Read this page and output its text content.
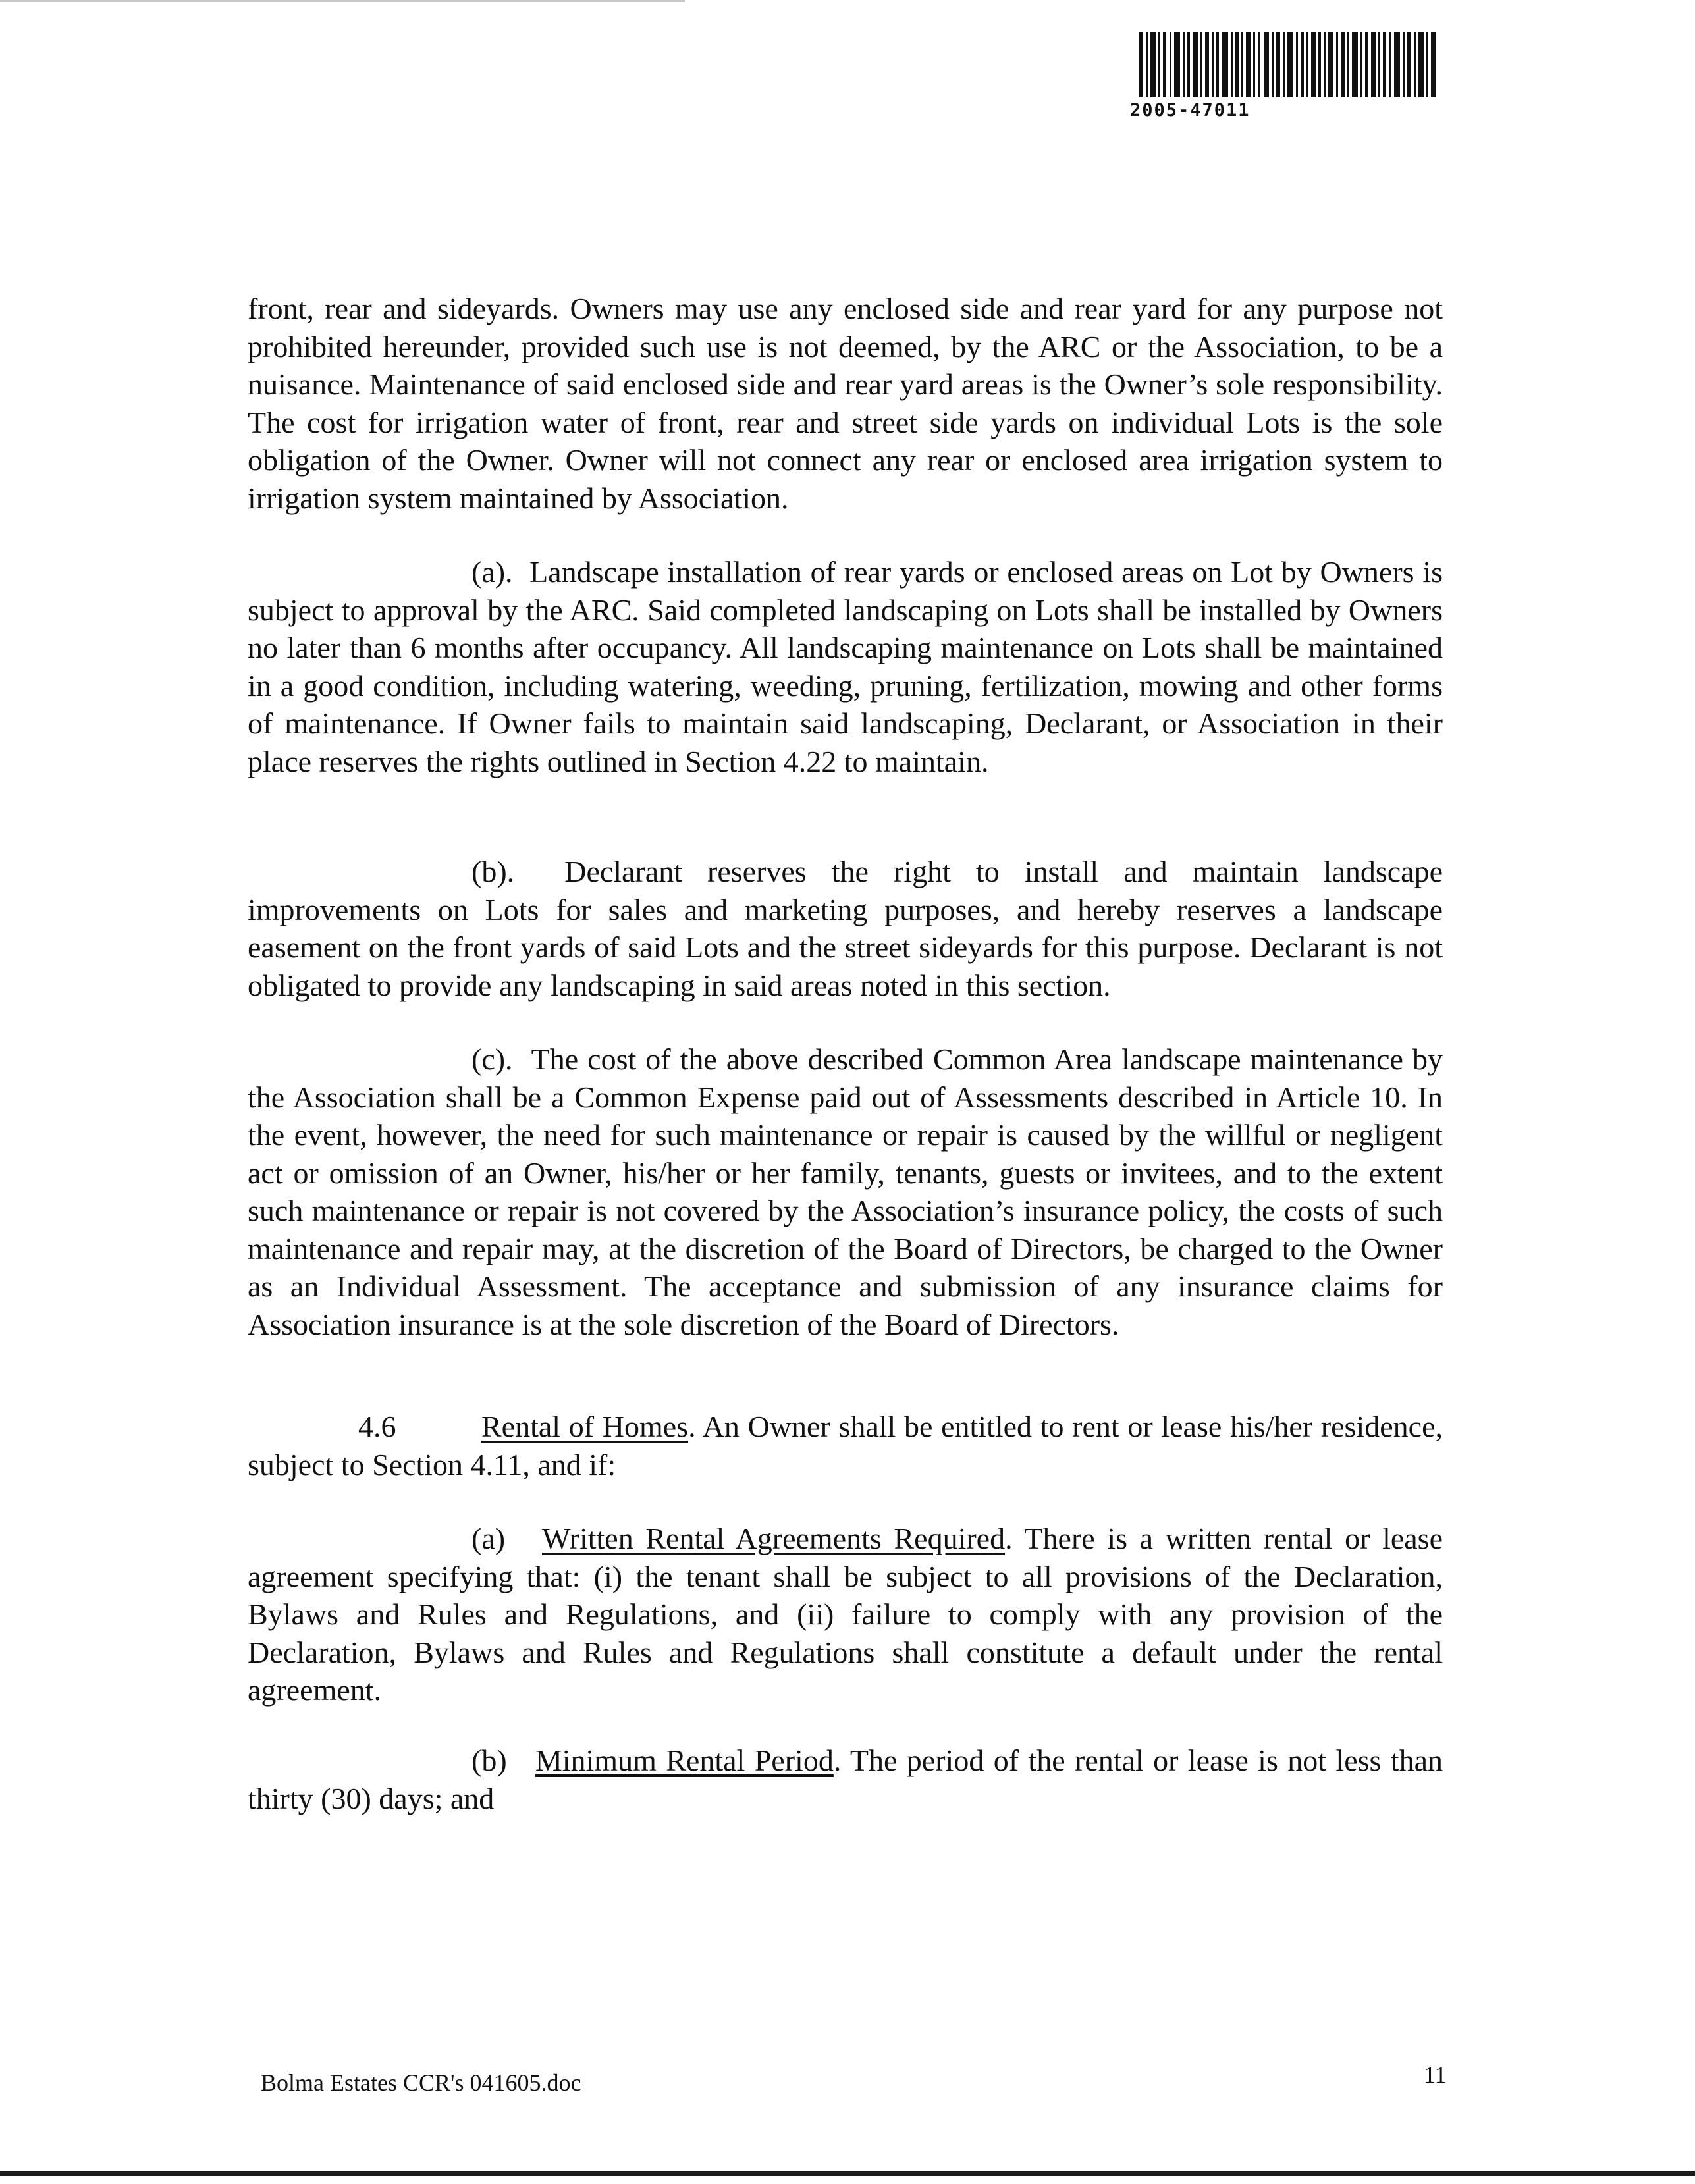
2005-47011

front, rear and sideyards. Owners may use any enclosed side and rear yard for any purpose not prohibited hereunder, provided such use is not deemed, by the ARC or the Association, to be a nuisance. Maintenance of said enclosed side and rear yard areas is the Owner’s sole responsibility. The cost for irrigation water of front, rear and street side yards on individual Lots is the sole obligation of the Owner. Owner will not connect any rear or enclosed area irrigation system to irrigation system maintained by Association.

(a). Landscape installation of rear yards or enclosed areas on Lot by Owners is subject to approval by the ARC. Said completed landscaping on Lots shall be installed by Owners no later than 6 months after occupancy. All landscaping maintenance on Lots shall be maintained in a good condition, including watering, weeding, pruning, fertilization, mowing and other forms of maintenance. If Owner fails to maintain said landscaping, Declarant, or Association in their place reserves the rights outlined in Section 4.22 to maintain.

(b). Declarant reserves the right to install and maintain landscape improvements on Lots for sales and marketing purposes, and hereby reserves a landscape easement on the front yards of said Lots and the street sideyards for this purpose. Declarant is not obligated to provide any landscaping in said areas noted in this section.

(c). The cost of the above described Common Area landscape maintenance by the Association shall be a Common Expense paid out of Assessments described in Article 10. In the event, however, the need for such maintenance or repair is caused by the willful or negligent act or omission of an Owner, his/her or her family, tenants, guests or invitees, and to the extent such maintenance or repair is not covered by the Association’s insurance policy, the costs of such maintenance and repair may, at the discretion of the Board of Directors, be charged to the Owner as an Individual Assessment. The acceptance and submission of any insurance claims for Association insurance is at the sole discretion of the Board of Directors.

4.6	Rental of Homes. An Owner shall be entitled to rent or lease his/her residence, subject to Section 4.11, and if:

(a) Written Rental Agreements Required. There is a written rental or lease agreement specifying that: (i) the tenant shall be subject to all provisions of the Declaration, Bylaws and Rules and Regulations, and (ii) failure to comply with any provision of the Declaration, Bylaws and Rules and Regulations shall constitute a default under the rental agreement.

(b) Minimum Rental Period. The period of the rental or lease is not less than thirty (30) days; and

Bolma Estates CCR's 041605.doc	11
